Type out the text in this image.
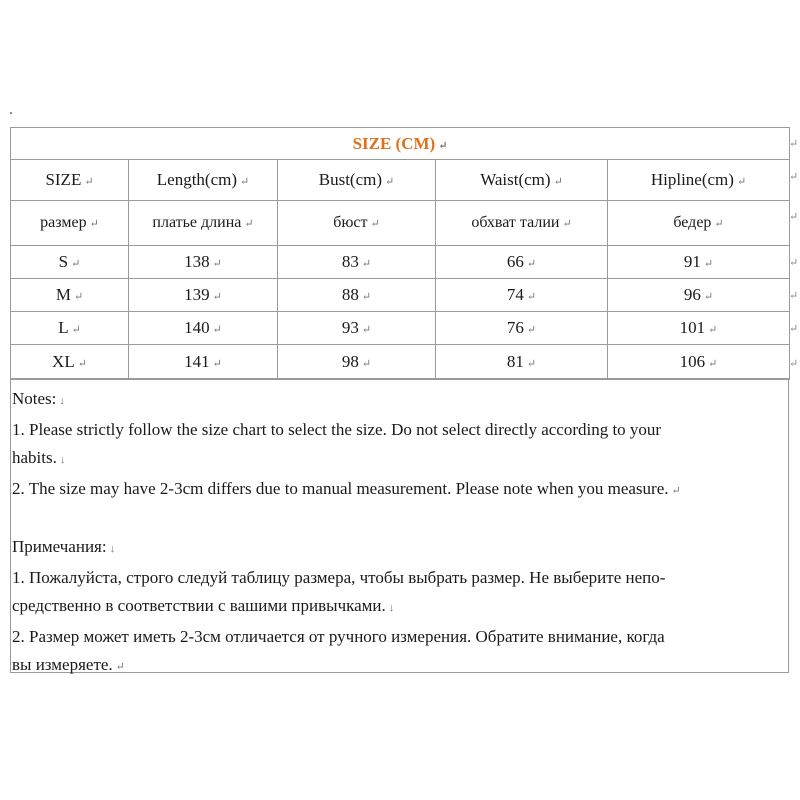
SIZE (CM) ↵				
SIZE ↵	Length(cm) ↵	Bust(cm) ↵	Waist(cm) ↵	Hipline(cm) ↵
размер ↵	платье длина ↵	бюст ↵	обхват талии ↵	бедер ↵
S ↵	138 ↵	83 ↵	66 ↵	91 ↵
M ↵	139 ↵	88 ↵	74 ↵	96 ↵
L ↵	140 ↵	93 ↵	76 ↵	101 ↵
XL ↵	141 ↵	98 ↵	81 ↵	106 ↵
↵
↵
↵
↵
↵
↵
↵

Notes: ↓

1. Please strictly follow the size chart to select the size. Do not select directly according to your

habits. ↓

2. The size may have 2-3cm differs due to manual measurement. Please note when you measure. ↵

Примечания: ↓

1. Пожалуйста, строго следуй таблицу размера, чтобы выбрать размер. Не выберите непо-

средственно в соответствии с вашими привычками. ↓

2. Размер может иметь 2-3см отличается от ручного измерения. Обратите внимание, когда

вы измеряете. ↵
